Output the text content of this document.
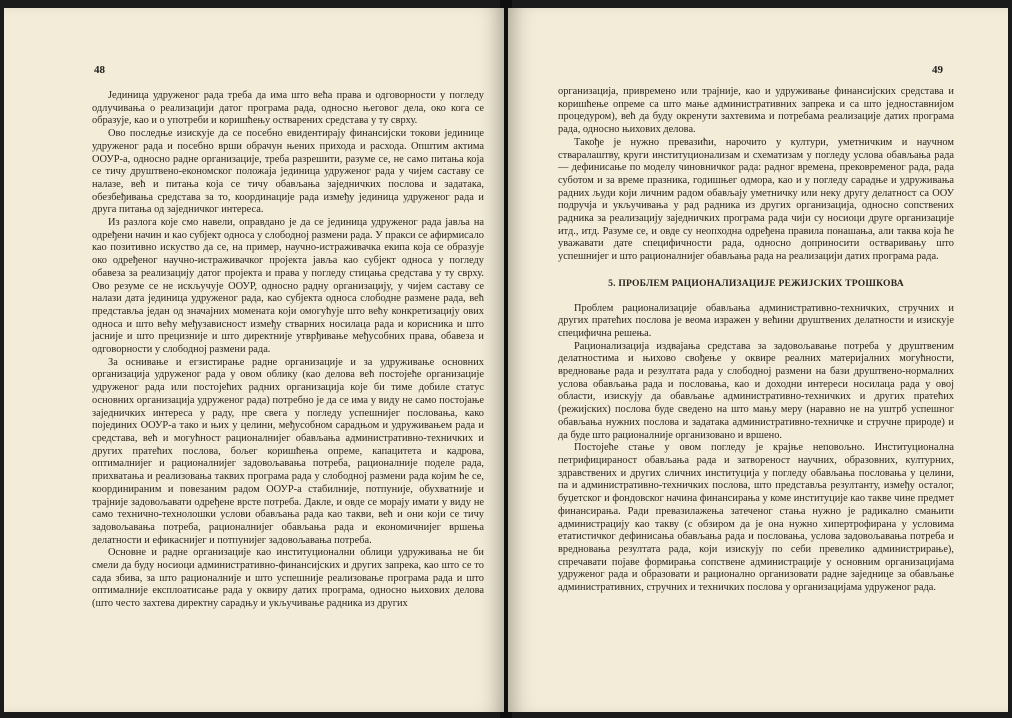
48

Јединица удруженог рада треба да има што већа права и одговорности у погледу одлучивања о реализацији датог програма рада, односно његовог дела, око кога се образује, као и о употреби и коришћењу остварених средстава у ту сврху.

Ово последње изискује да се посебно евидентирају финансијски токови јединице удруженог рада и посебно врши обрачун њених прихода и расхода. Општим актима ООУР-а, односно радне организације, треба разрешити, разуме се, не само питања која се тичу друштвено-економског положаја јединица удруженог рада у чијем саставу се налазе, већ и питања која се тичу обављања заједничких послова и задатака, обезбеђивања средстава за то, координације рада између јединица удруженог рада и друга питања од заједничког интереса.

Из разлога које смо навели, оправдано је да се јединица удруженог рада јавља на одређени начин и као субјект односа у слободној размени рада. У пракси се афирмисало као позитивно искуство да се, на пример, научно-истраживачка екипа која се образује око одређеног научно-истраживачког пројекта јавља као субјект односа у погледу обавеза за реализацију датог пројекта и права у погледу стицања средстава у ту сврху. Ово резуме се не искључује ООУР, односно радну организацију, у чијем саставу се налази дата јединица удруженог рада, као субјекта односа слободне размене рада, већ представља један од значајних момената који омогућује што већу конкретизацију ових односа и што већу међузависност између стварних носилаца рада и корисника и што јасније и што прецизније и што директније утврђивање међусобних права, обавеза и одговорности у слободној размени рада.

За оснивање и егзистирање радне организације и за удруживање основних организација удруженог рада у овом облику (као делова већ постојеће организације удруженог рада или постојећих радних организација које би тиме добиле статус основних организација удруженог рада) потребно је да се има у виду не само постојање заједничких интереса у раду, пре свега у погледу успешнијег пословања, како појединих ООУР-а тако и њих у целини, међусобном сарадњом и удруживањем рада и средстава, већ и могућност рационалнијег обављања административно-техничких и других пратећих послова, бољег коришћења опреме, капацитета и кадрова, оптималнијег и рационалнијег задовољавања потреба, рационалније поделе рада, прихватања и реализовања таквих програма рада у слободној размени рада којим ће се, координираним и повезаним радом ООУР-а стабилније, потпуније, обухватније и трајније задовољавати одређене врсте потреба. Дакле, и овде се морају имати у виду не само технично-технолошки услови обављања рада као такви, већ и они који се тичу задовољавања потреба, рационалнијег обављања рада и економичнијег вршења делатности и ефикаснијег и потпунијег задовољавања потреба.

Основне и радне организације као институционални облици удруживања не би смели да буду носиоци административно-финансијских и других запрека, као што се то сада збива, за што рационалније и што успешније реализовање програма рада и што оптималније експлоатисање рада у оквиру датих програма, односно њихових делова (што често захтева директну сарадњу и укључивање радника из других

49

организација, привремено или трајније, као и удруживање финансијских средстава и коришћење опреме са што мање административних запрека и са што једноставнијом процедуром), већ да буду окренути захтевима и потребама реализације датих програма рада, односно њихових делова.

Такође је нужно превазићи, нарочито у култури, уметничким и научном стваралаштву, круги институционализам и схематизам у погледу услова обављања рада — дефинисање по моделу чиновничког рада: радног времена, прековременог рада, рада суботом и за време празника, годишњег одмора, као и у погледу сарадње и удруживања радних људи који личним радом обављају уметничку или неку другу делатност са ООУ подручја и укључивања у рад радника из других организација, односно сопствених радника за реализацију заједничких програма рада чији су носиоци друге организације итд., итд. Разуме се, и овде су неопходна одређена правила понашања, али таква која ће уважавати дате специфичности рада, односно доприносити остваривању што успешнијег и што рационалнијег обављања рада на реализацији датих програма рада.

5. ПРОБЛЕМ РАЦИОНАЛИЗАЦИЈЕ РЕЖИЈСКИХ ТРОШКОВА

Проблем рационализације обављања административно-техничких, стручних и других пратећих послова је веома изражен у већини друштвених делатности и изискује специфична решења.

Рационализација издвајања средстава за задовољавање потреба у друштвеним делатностима и њихово свођење у оквире реалних материјалних могућности, вредновање рада и резултата рада у слободној размени на бази друштвено-нормалних услова обављања рада и пословања, као и доходни интереси носилаца рада у овој области, изискују да обављање административно-техничких и других пратећих (режијских) послова буде сведено на што мању меру (наравно не на уштрб успешног обављања нужних послова и задатака административно-техничке и стручне природе) и да буде што рационалније организовано и вршено.

Постојеће стање у овом погледу је крајње неповољно. Институционална петрифицираност обављања рада и затвореност научних, образовних, културних, здравствених и других сличних институција у погледу обављања пословања у целини, па и административно-техничких послова, што представља резултанту, између осталог, буџетског и фондовског начина финансирања у коме институције као такве чине предмет финансирања. Ради превазилажења затеченог стања нужно је радикално смањити администрацију као такву (с обзиром да је она нужно хипертрофирана у условима етатистичког дефинисања обављања рада и пословања, услова задовољавања потреба и вредновања резултата рада, који изискују по себи превелико администрирање), спречавати појаве формирања сопствене администрације у основним организацијама удруженог рада и образовати и рационално организовати радне заједнице за обављање административних, стручних и техничких послова у организацијама удруженог рада.
